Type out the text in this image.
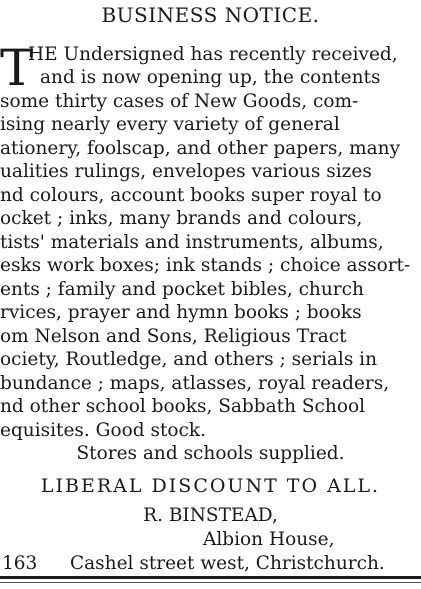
BUSINESS NOTICE.
T
HE Undersigned has recently received,
and is now opening up, the contents
some thirty cases of New Goods, com-
ising nearly every variety of general
ationery, foolscap, and other papers, many
ualities rulings, envelopes various sizes
nd colours, account books super royal to
ocket ; inks, many brands and colours,
tists' materials and instruments, albums,
esks work boxes; ink stands ; choice assort-
ents ; family and pocket bibles, church
rvices, prayer and hymn books ; books
om Nelson and Sons, Religious Tract
ociety, Routledge, and others ; serials in
bundance ; maps, atlasses, royal readers,
nd other school books, Sabbath School
equisites. Good stock.
Stores and schools supplied.
LIBERAL DISCOUNT TO ALL.
R. BINSTEAD,
Albion House,
163 Cashel street west, Christchurch.
